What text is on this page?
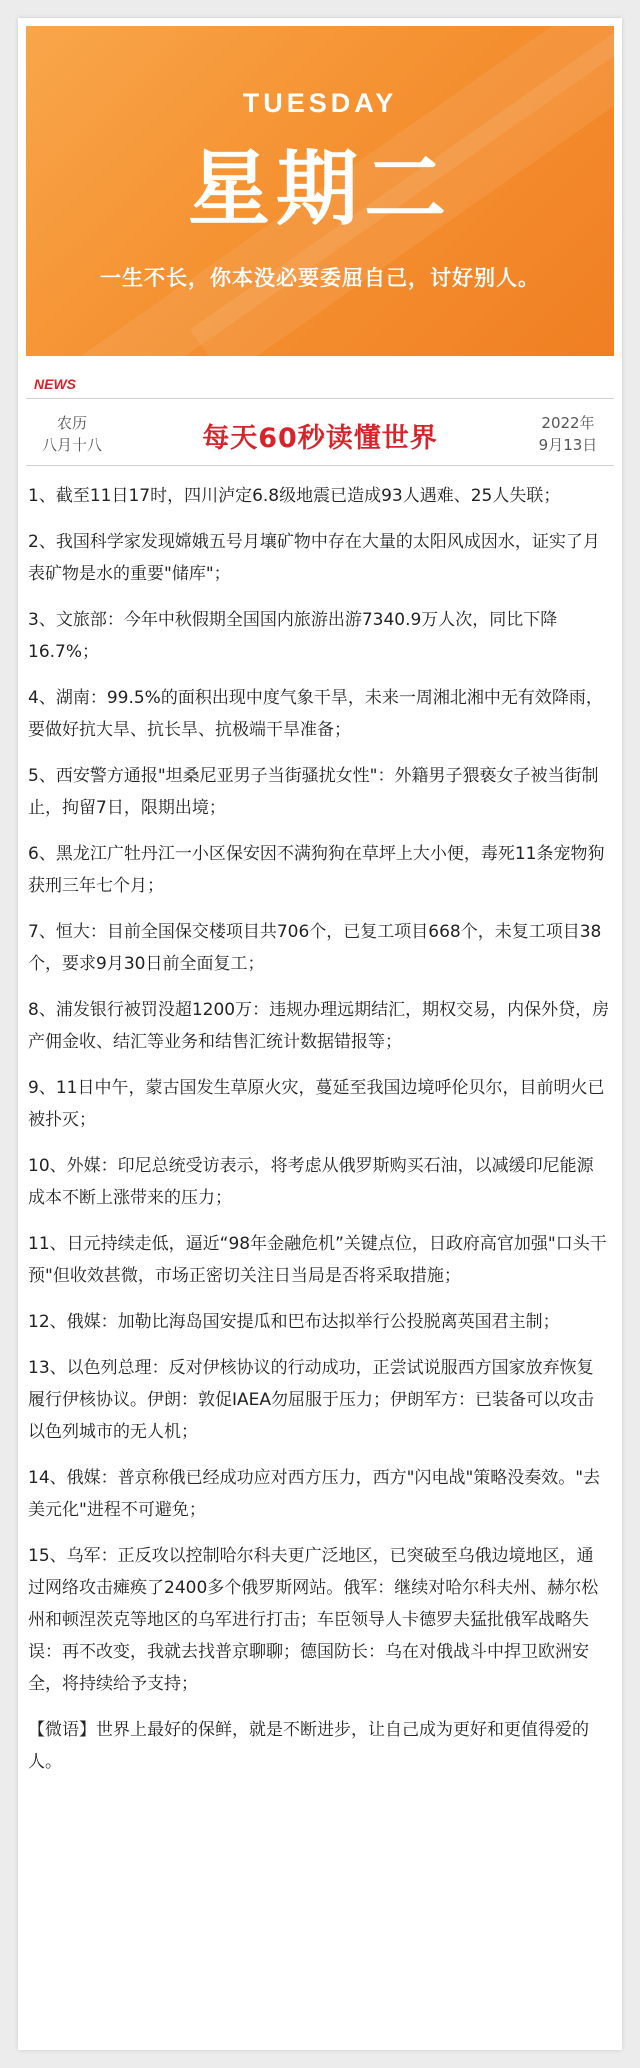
TUESDAY
星期二
一生不长，你本没必要委屈自己，讨好别人。
NEWS
农历
八月十八	每天60秒读懂世界	2022年
9月13日

1、截至11日17时，四川泸定6.8级地震已造成93人遇难、25人失联；

2、我国科学家发现嫦娥五号月壤矿物中存在大量的太阳风成因水，证实了月表矿物是水的重要"储库"；

3、文旅部：今年中秋假期全国国内旅游出游7340.9万人次，同比下降16.7%；

4、湖南：99.5%的面积出现中度气象干旱，未来一周湘北湘中无有效降雨，要做好抗大旱、抗长旱、抗极端干旱准备；

5、西安警方通报"坦桑尼亚男子当街骚扰女性"：外籍男子猥亵女子被当街制止，拘留7日，限期出境；

6、黑龙江广牡丹江一小区保安因不满狗狗在草坪上大小便，毒死11条宠物狗获刑三年七个月；

7、恒大：目前全国保交楼项目共706个，已复工项目668个，未复工项目38个，要求9月30日前全面复工；

8、浦发银行被罚没超1200万：违规办理远期结汇，期权交易，内保外贷，房产佣金收、结汇等业务和结售汇统计数据错报等；

9、11日中午，蒙古国发生草原火灾，蔓延至我国边境呼伦贝尔，目前明火已被扑灭；

10、外媒：印尼总统受访表示，将考虑从俄罗斯购买石油，以减缓印尼能源成本不断上涨带来的压力；

11、日元持续走低，逼近“98年金融危机”关键点位，日政府高官加强"口头干预"但收效甚微，市场正密切关注日当局是否将采取措施；

12、俄媒：加勒比海岛国安提瓜和巴布达拟举行公投脱离英国君主制；

13、以色列总理：反对伊核协议的行动成功，正尝试说服西方国家放弃恢复履行伊核协议。伊朗：敦促IAEA勿屈服于压力；伊朗军方：已装备可以攻击以色列城市的无人机；

14、俄媒：普京称俄已经成功应对西方压力，西方"闪电战"策略没奏效。"去美元化"进程不可避免；

15、乌军：正反攻以控制哈尔科夫更广泛地区，已突破至乌俄边境地区，通过网络攻击瘫痪了2400多个俄罗斯网站。俄军：继续对哈尔科夫州、赫尔松州和顿涅茨克等地区的乌军进行打击；车臣领导人卡德罗夫猛批俄军战略失误：再不改变，我就去找普京聊聊；德国防长：乌在对俄战斗中捍卫欧洲安全，将持续给予支持；

【微语】世界上最好的保鲜，就是不断进步，让自己成为更好和更值得爱的人。
